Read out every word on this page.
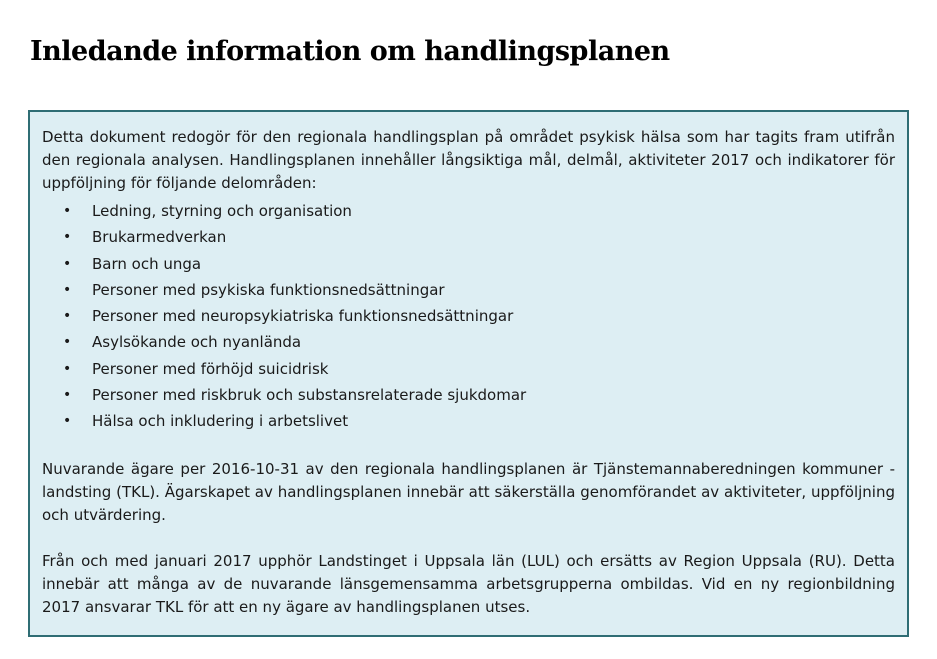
Inledande information om handlingsplanen

Detta dokument redogör för den regionala handlingsplan på området psykisk hälsa som har tagits fram utifrån den regionala analysen. Handlingsplanen innehåller långsiktiga mål, delmål, aktiviteter 2017 och indikatorer för uppföljning för följande delområden:

• Ledning, styrning och organisation
• Brukarmedverkan
• Barn och unga
• Personer med psykiska funktionsnedsättningar
• Personer med neuropsykiatriska funktionsnedsättningar
• Asylsökande och nyanlända
• Personer med förhöjd suicidrisk
• Personer med riskbruk och substansrelaterade sjukdomar
• Hälsa och inkludering i arbetslivet

Nuvarande ägare per 2016-10-31 av den regionala handlingsplanen är Tjänstemannaberedningen kommuner - landsting (TKL). Ägarskapet av handlingsplanen innebär att säkerställa genomförandet av aktiviteter, uppföljning och utvärdering.

Från och med januari 2017 upphör Landstinget i Uppsala län (LUL) och ersätts av Region Uppsala (RU). Detta innebär att många av de nuvarande länsgemensamma arbetsgrupperna ombildas. Vid en ny regionbildning 2017 ansvarar TKL för att en ny ägare av handlingsplanen utses.
